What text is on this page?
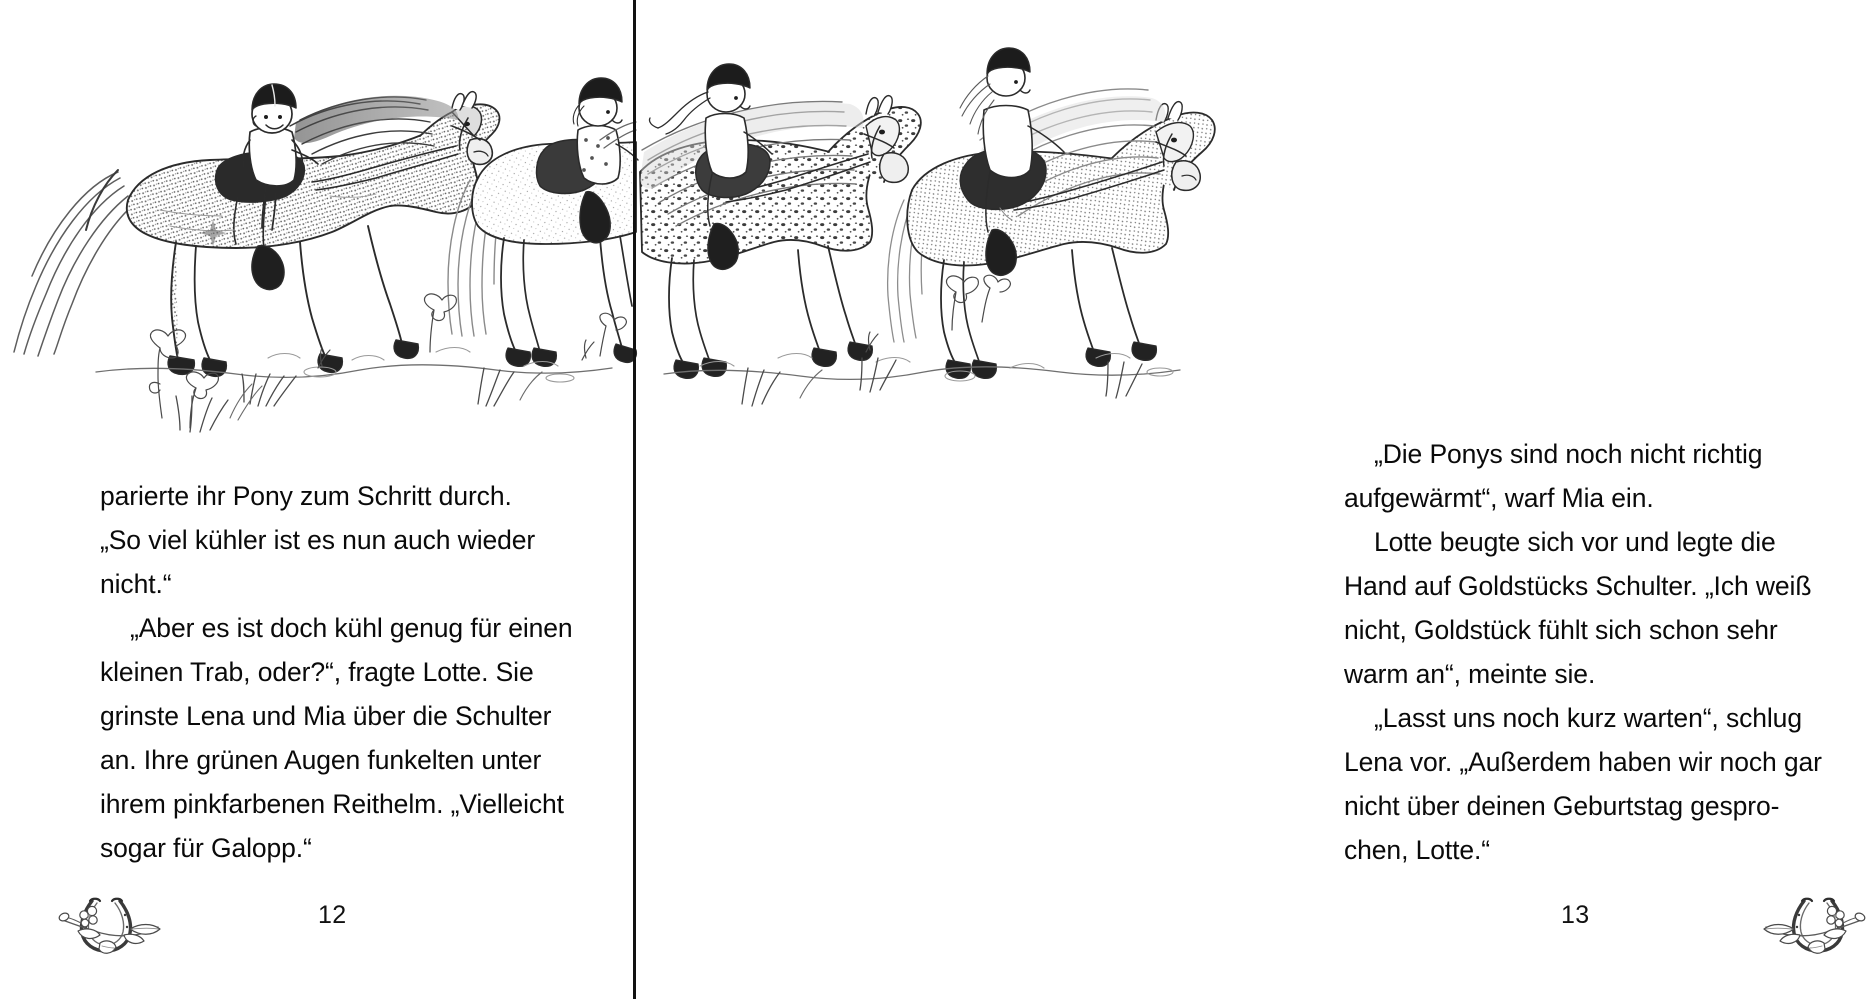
parierte ihr Pony zum Schritt durch.
„So viel kühler ist es nun auch wieder
nicht.“

„Aber es ist doch kühl genug für einen
kleinen Trab, oder?“, fragte Lotte. Sie
grinste Lena und Mia über die Schulter
an. Ihre grünen Augen funkelten unter
ihrem pinkfarbenen Reithelm. „Vielleicht
sogar für Galopp.“

12

„Die Ponys sind noch nicht richtig
aufgewärmt“, warf Mia ein.

Lotte beugte sich vor und legte die
Hand auf Goldstücks Schulter. „Ich weiß
nicht, Goldstück fühlt sich schon sehr
warm an“, meinte sie.

„Lasst uns noch kurz warten“, schlug
Lena vor. „Außerdem haben wir noch gar
nicht über deinen Geburtstag gespro-
chen, Lotte.“

13
